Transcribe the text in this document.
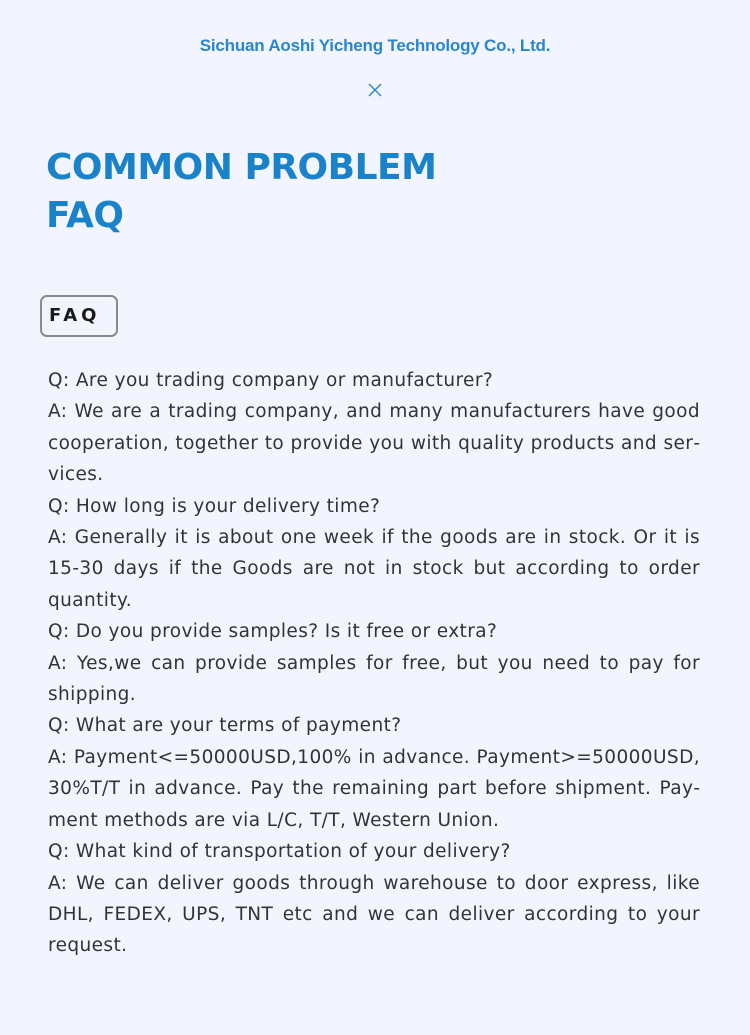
Sichuan Aoshi Yicheng Technology Co., Ltd.
COMMON PROBLEM
FAQ
FAQ

Q: Are you trading company or manufacturer?

A: We are a trading company, and many manufacturers have good cooperation, together to provide you with quality products and services.

Q: How long is your delivery time?

A: Generally it is about one week if the goods are in stock. Or it is 15-30 days if the Goods are not in stock but according to order quantity.

Q: Do you provide samples? Is it free or extra?

A: Yes,we can provide samples for free, but you need to pay for shipping.

Q: What are your terms of payment?

A: Payment<=50000USD,100% in advance. Payment>=50000USD, 30%T/T in advance. Pay the remaining part before shipment. Payment methods are via L/C, T/T, Western Union.

Q: What kind of transportation of your delivery?

A: We can deliver goods through warehouse to door express, like DHL, FEDEX, UPS, TNT etc and we can deliver according to your request.
